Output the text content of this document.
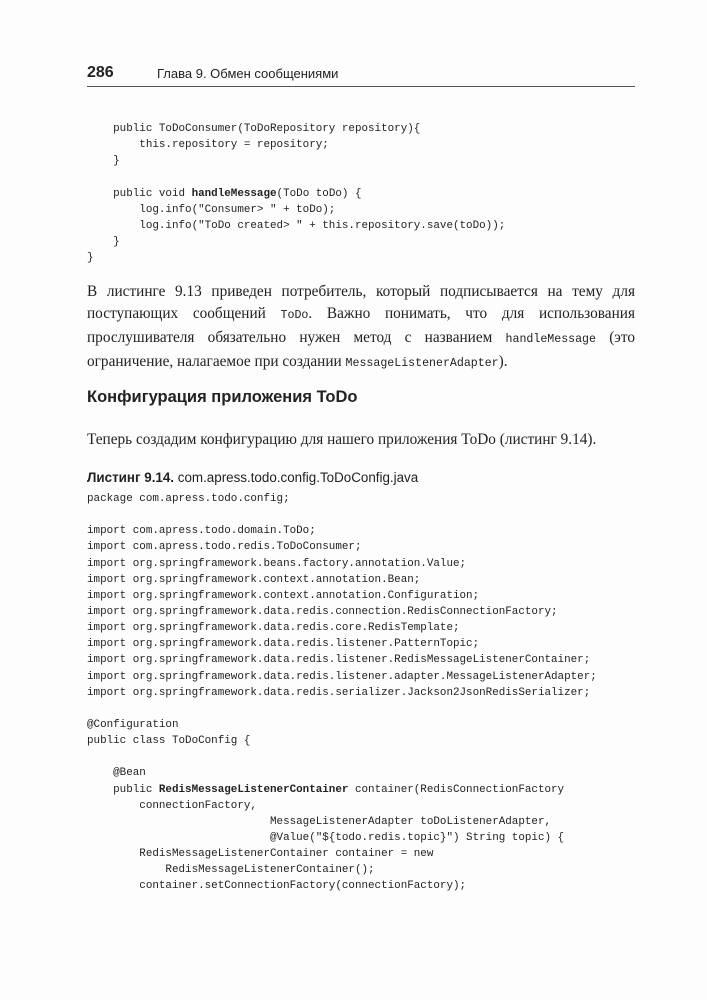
286	Глава 9. Обмен сообщениями
public ToDoConsumer(ToDoRepository repository){
this.repository = repository;
}

public void handleMessage(ToDo toDo) {
log.info("Consumer> " + toDo);
log.info("ToDo created> " + this.repository.save(toDo));
}
}

В листинге 9.13 приведен потребитель, который подписывается на тему для поступающих сообщений ToDo. Важно понимать, что для использования прослушивателя обязательно нужен метод с названием handleMessage (это ограничение, налагаемое при создании MessageListenerAdapter).

Конфигурация приложения ToDo

Теперь создадим конфигурацию для нашего приложения ToDo (листинг 9.14).

Листинг 9.14. com.apress.todo.config.ToDoConfig.java
package com.apress.todo.config;

import com.apress.todo.domain.ToDo;
import com.apress.todo.redis.ToDoConsumer;
import org.springframework.beans.factory.annotation.Value;
import org.springframework.context.annotation.Bean;
import org.springframework.context.annotation.Configuration;
import org.springframework.data.redis.connection.RedisConnectionFactory;
import org.springframework.data.redis.core.RedisTemplate;
import org.springframework.data.redis.listener.PatternTopic;
import org.springframework.data.redis.listener.RedisMessageListenerContainer;
import org.springframework.data.redis.listener.adapter.MessageListenerAdapter;
import org.springframework.data.redis.serializer.Jackson2JsonRedisSerializer;

@Configuration
public class ToDoConfig {

@Bean
public RedisMessageListenerContainer container(RedisConnectionFactory
connectionFactory,
MessageListenerAdapter toDoListenerAdapter,
@Value("${todo.redis.topic}") String topic) {
RedisMessageListenerContainer container = new
RedisMessageListenerContainer();
container.setConnectionFactory(connectionFactory);
